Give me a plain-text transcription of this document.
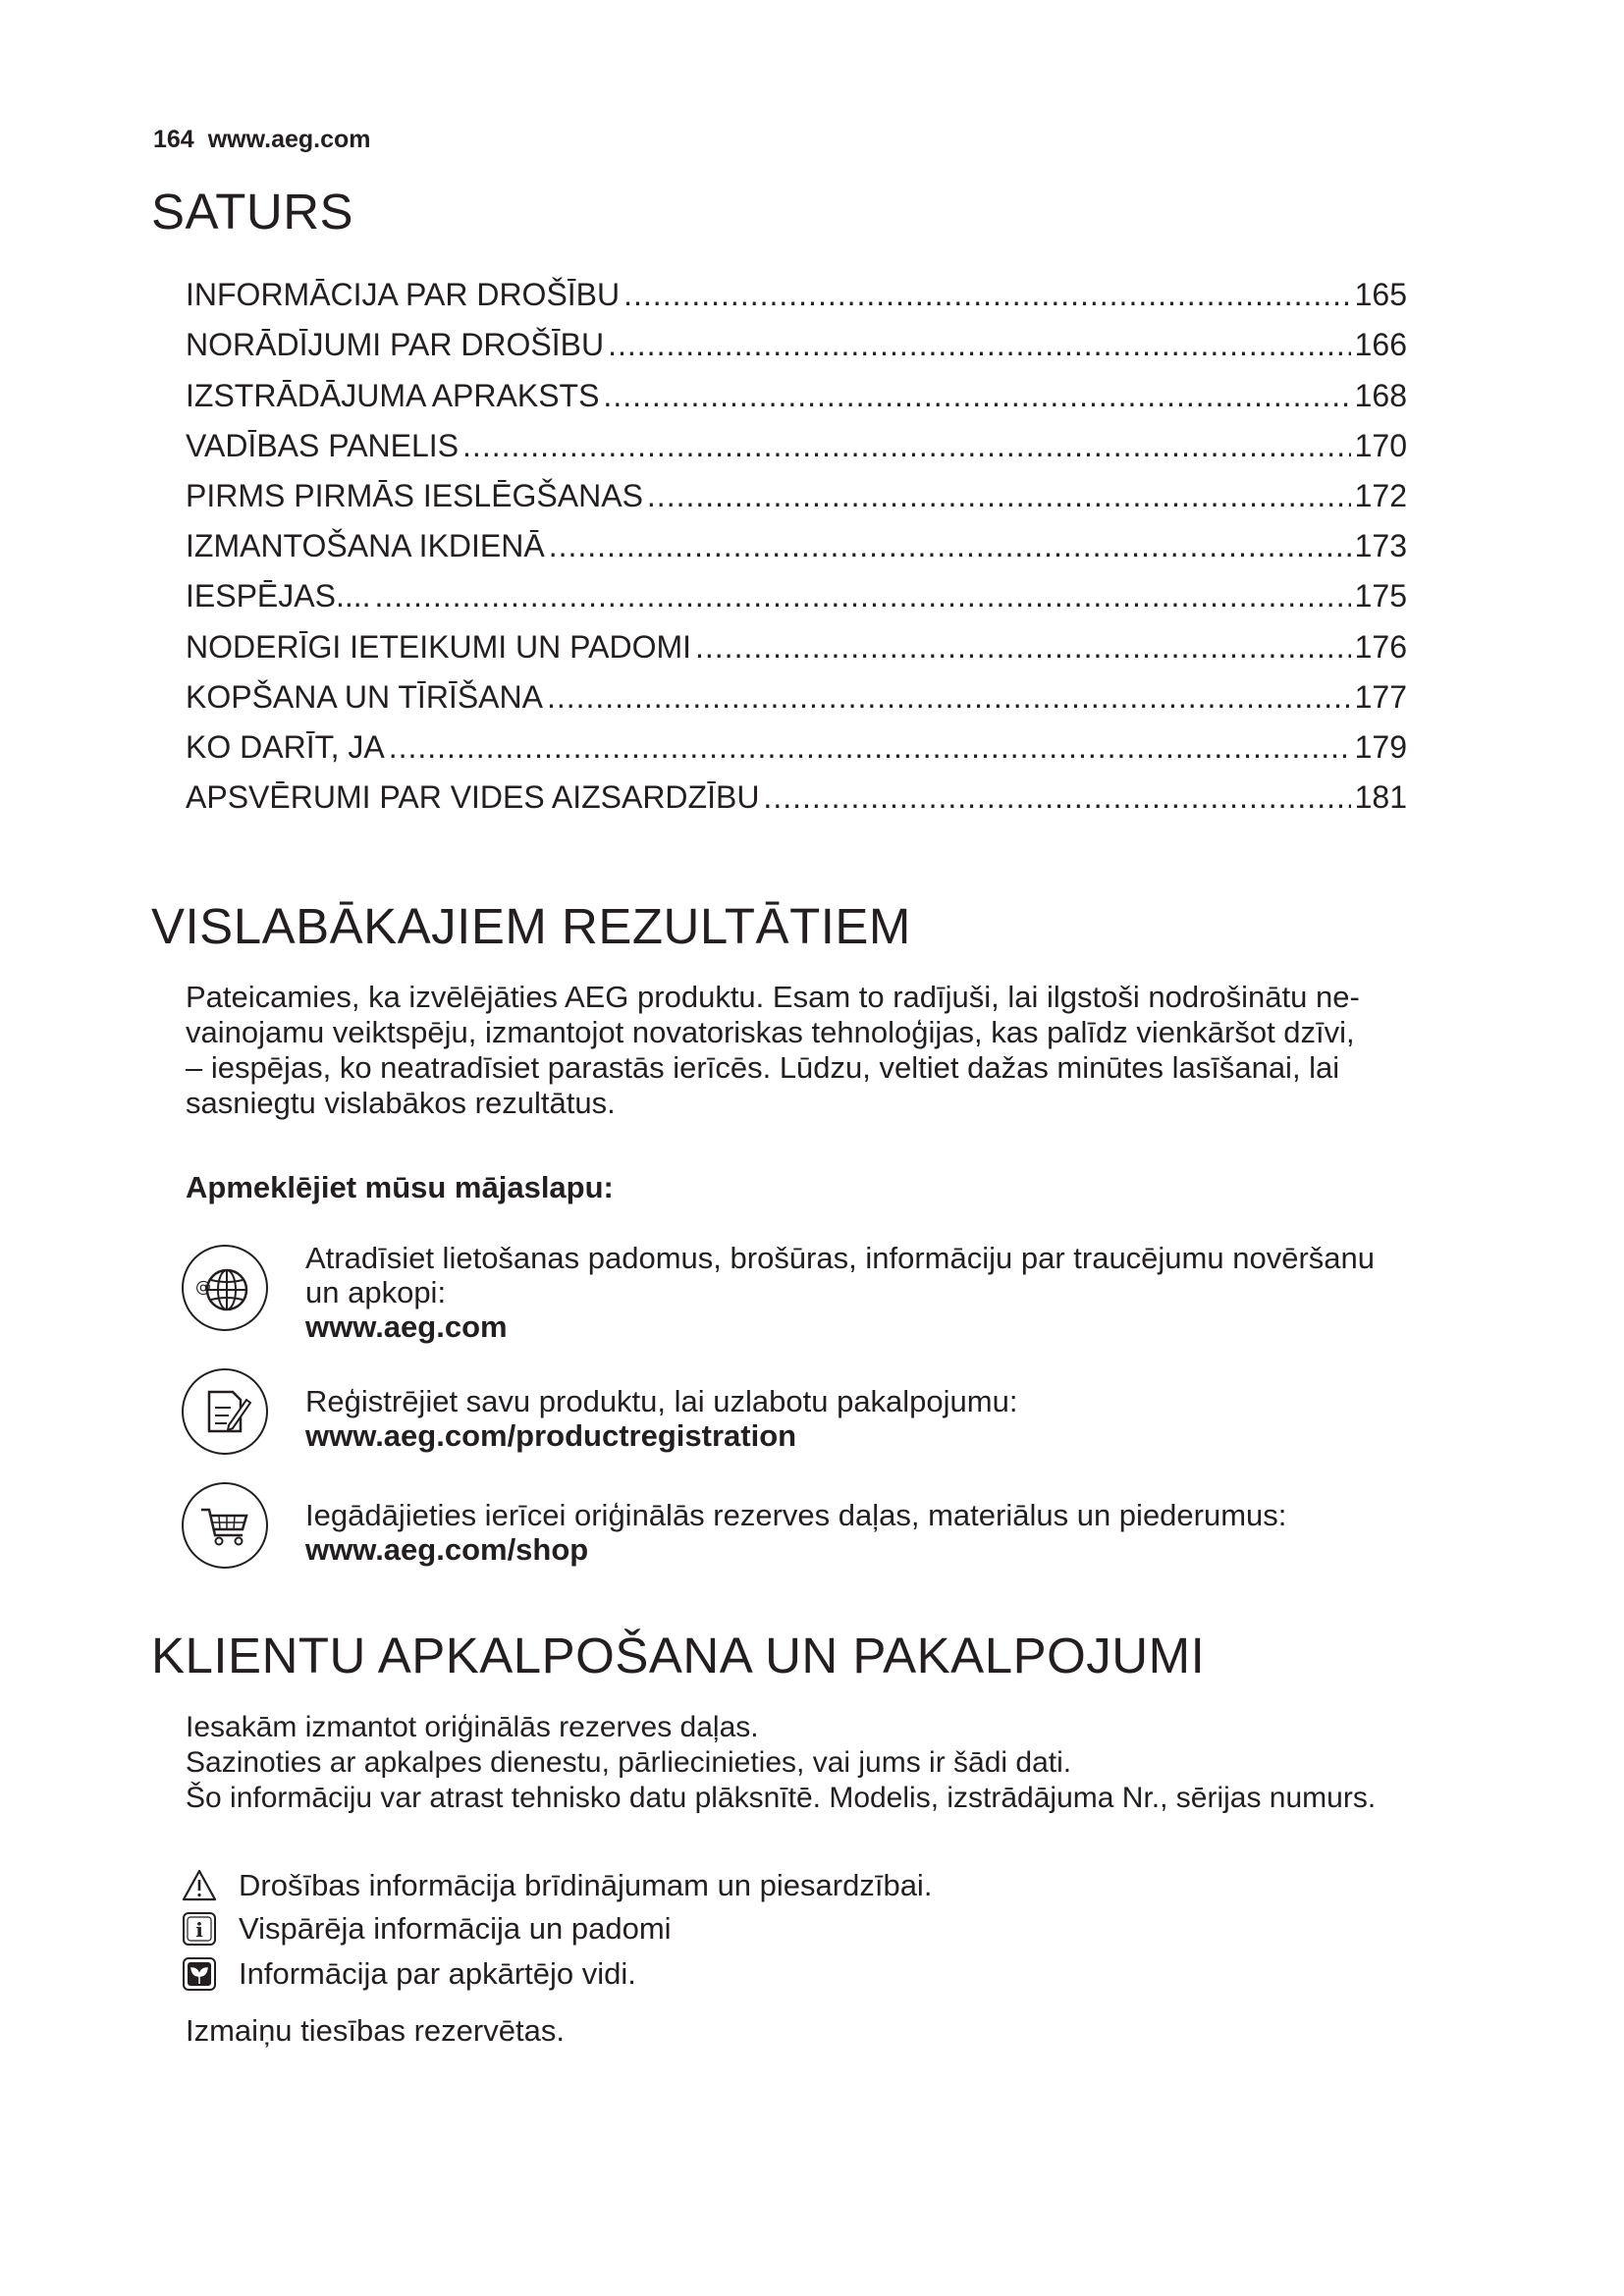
164 www.aeg.com
SATURS
INFORMĀCIJA PAR DROŠĪBU .....	165
NORĀDĪJUMI PAR DROŠĪBU .....	166
IZSTRĀDĀJUMA APRAKSTS .....	168
VADĪBAS PANELIS .....	170
PIRMS PIRMĀS IESLĒGŠANAS .....	172
IZMANTOŠANA IKDIENĀ .....	173
IESPĒJAS.... .....	175
NODERĪGI IETEIKUMI UN PADOMI .....	176
KOPŠANA UN TĪRĪŠANA .....	177
KO DARĪT, JA .....	179
APSVĒRUMI PAR VIDES AIZSARDZĪBU .....	181
VISLABĀKAJIEM REZULTĀTIEM
Pateicamies, ka izvēlējāties AEG produktu. Esam to radījuši, lai ilgstoši nodrošinātu ne-
vainojamu veiktspēju, izmantojot novatoriskas tehnoloģijas, kas palīdz vienkāršot dzīvi,
– iespējas, ko neatradīsiet parastās ierīcēs. Lūdzu, veltiet dažas minūtes lasīšanai, lai
sasniegtu vislabākos rezultātus.
Apmeklējiet mūsu mājaslapu:
@
Atradīsiet lietošanas padomus, brošūras, informāciju par traucējumu novēršanu
un apkopi:
www.aeg.com
Reģistrējiet savu produktu, lai uzlabotu pakalpojumu:
www.aeg.com/productregistration
Iegādājieties ierīcei oriģinālās rezerves daļas, materiālus un piederumus:
www.aeg.com/shop
KLIENTU APKALPOŠANA UN PAKALPOJUMI
Iesakām izmantot oriģinālās rezerves daļas.
Sazinoties ar apkalpes dienestu, pārliecinieties, vai jums ir šādi dati.
Šo informāciju var atrast tehnisko datu plāksnītē. Modelis, izstrādājuma Nr., sērijas numurs.
Drošības informācija brīdinājumam un piesardzībai.
i Vispārēja informācija un padomi
Informācija par apkārtējo vidi.
Izmaiņu tiesības rezervētas.
